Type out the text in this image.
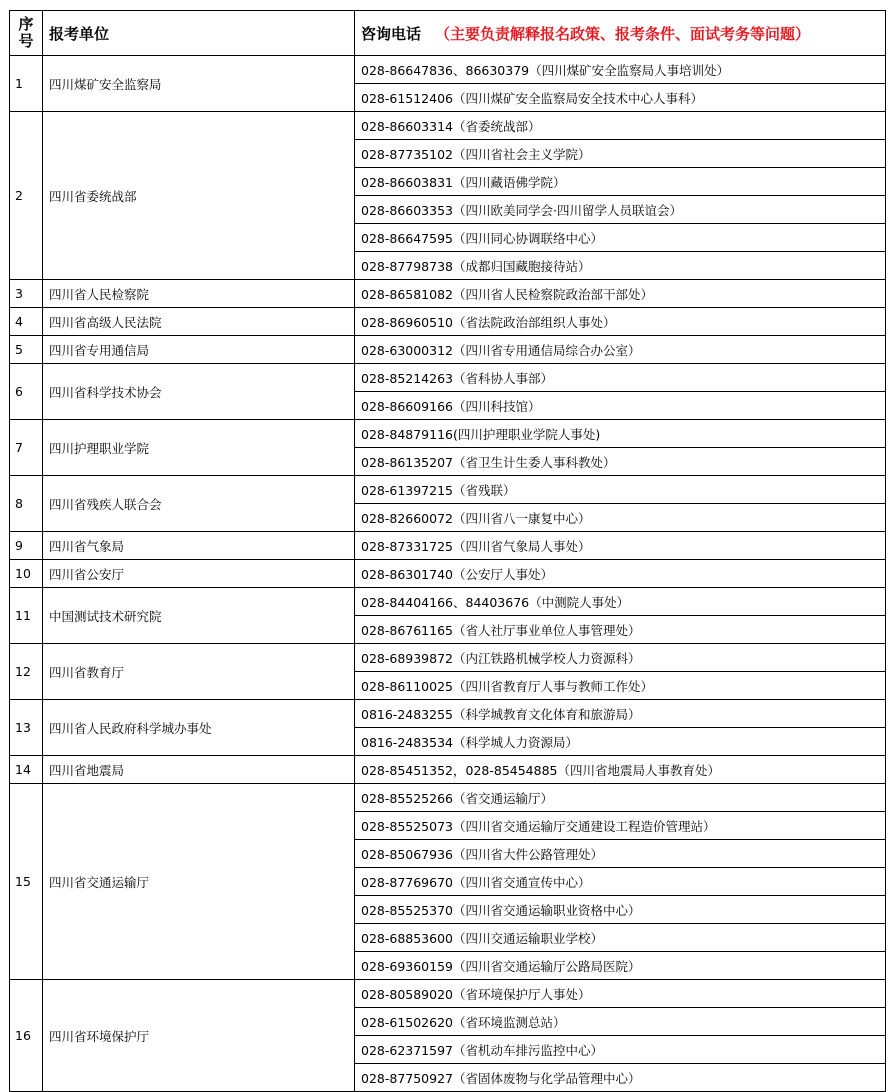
序
号	报考单位	咨询电话 （主要负责解释报名政策、报考条件、面试考务等问题）
1	四川煤矿安全监察局	028-86647836、86630379（四川煤矿安全监察局人事培训处）
		028-61512406（四川煤矿安全监察局安全技术中心人事科）
2	四川省委统战部	028-86603314（省委统战部）
		028-87735102（四川省社会主义学院）
		028-86603831（四川藏语佛学院）
		028-86603353（四川欧美同学会·四川留学人员联谊会）
		028-86647595（四川同心协调联络中心）
		028-87798738（成都归国藏胞接待站）
3	四川省人民检察院	028-86581082（四川省人民检察院政治部干部处）
4	四川省高级人民法院	028-86960510（省法院政治部组织人事处）
5	四川省专用通信局	028-63000312（四川省专用通信局综合办公室）
6	四川省科学技术协会	028-85214263（省科协人事部）
		028-86609166（四川科技馆）
7	四川护理职业学院	028-84879116(四川护理职业学院人事处)
		028-86135207（省卫生计生委人事科教处）
8	四川省残疾人联合会	028-61397215（省残联）
		028-82660072（四川省八一康复中心）
9	四川省气象局	028-87331725（四川省气象局人事处）
10	四川省公安厅	028-86301740（公安厅人事处）
11	中国测试技术研究院	028-84404166、84403676（中测院人事处）
		028-86761165（省人社厅事业单位人事管理处）
12	四川省教育厅	028-68939872（内江铁路机械学校人力资源科）
		028-86110025（四川省教育厅人事与教师工作处）
13	四川省人民政府科学城办事处	0816-2483255（科学城教育文化体育和旅游局）
		0816-2483534（科学城人力资源局）
14	四川省地震局	028-85451352，028-85454885（四川省地震局人事教育处）
15	四川省交通运输厅	028-85525266（省交通运输厅）
		028-85525073（四川省交通运输厅交通建设工程造价管理站）
		028-85067936（四川省大件公路管理处）
		028-87769670（四川省交通宣传中心）
		028-85525370（四川省交通运输职业资格中心）
		028-68853600（四川交通运输职业学校）
		028-69360159（四川省交通运输厅公路局医院）
16	四川省环境保护厅	028-80589020（省环境保护厅人事处）
		028-61502620（省环境监测总站）
		028-62371597（省机动车排污监控中心）
		028-87750927（省固体废物与化学品管理中心）
